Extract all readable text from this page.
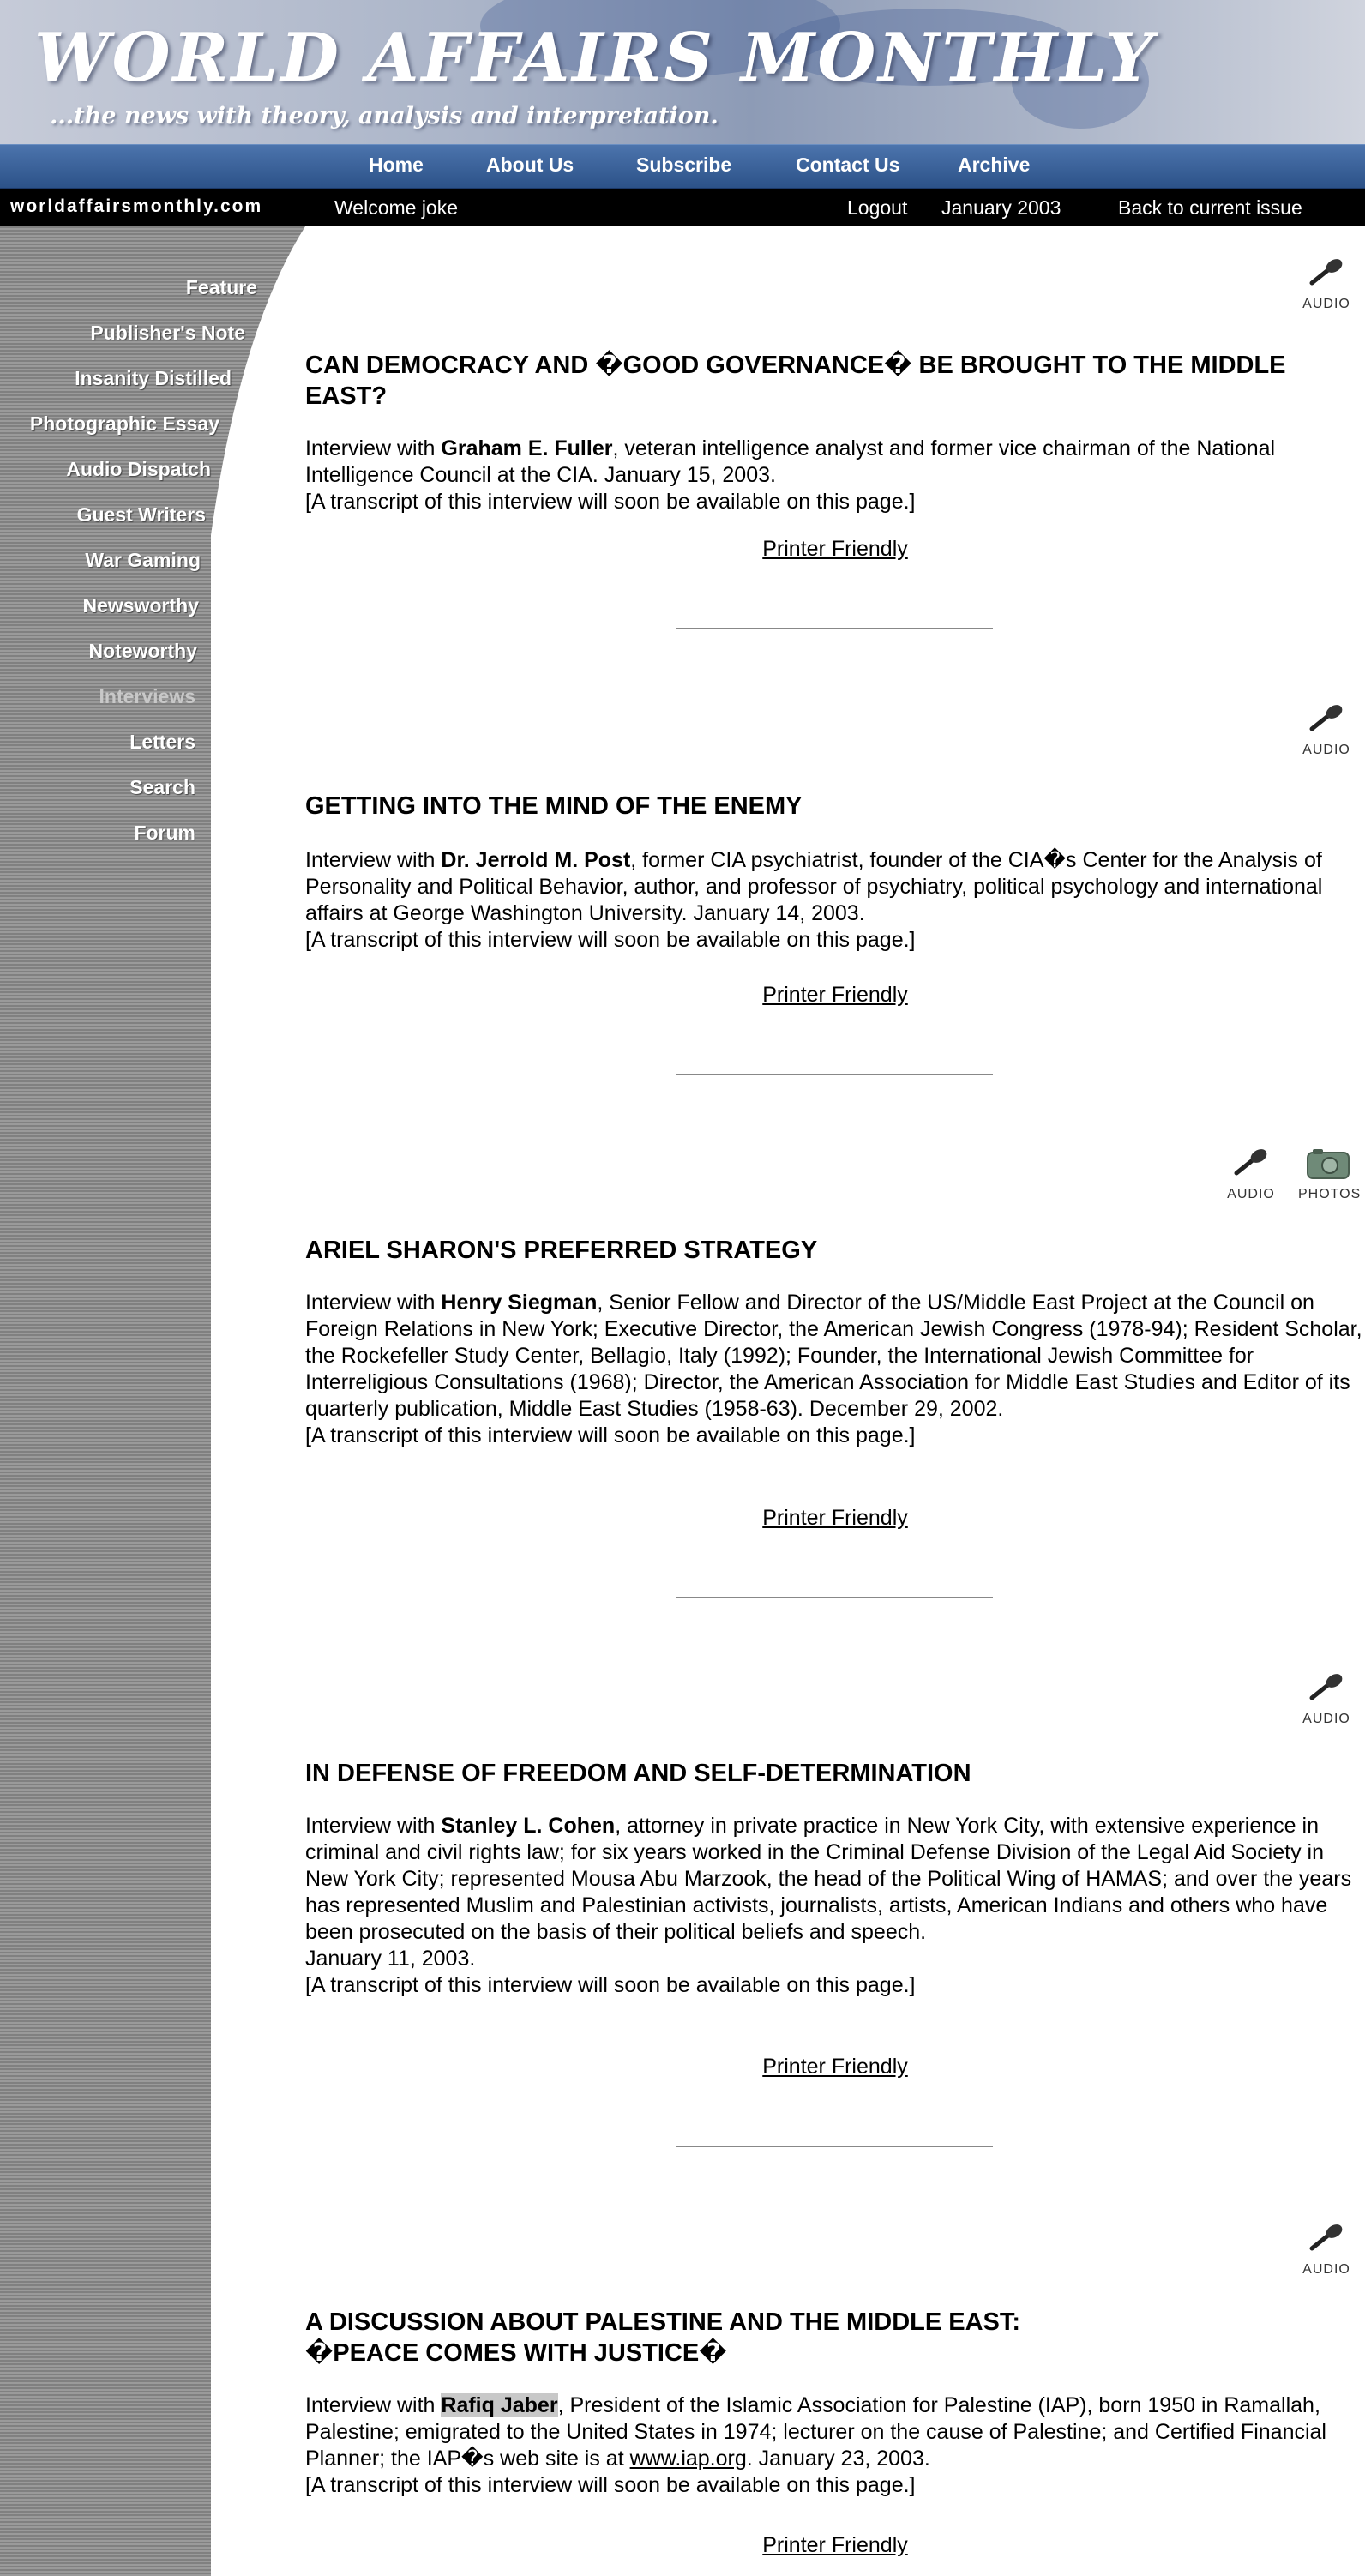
WORLD AFFAIRS MONTHLY

...the news with theory, analysis and interpretation.

Home	About Us	Subscribe	Contact Us	Archive
worldaffairsmonthly.com	Welcome joke	Logout January 2003	Back to current issue
Feature
Publisher's Note
Insanity Distilled
Photographic Essay
Audio Dispatch
Guest Writers
War Gaming
Newsworthy
Noteworthy
Interviews
Letters
Search
Forum
AUDIO
CAN DEMOCRACY AND �GOOD GOVERNANCE� BE BROUGHT TO THE MIDDLE EAST?

Interview with Graham E. Fuller, veteran intelligence analyst and former vice chairman of the National Intelligence Council at the CIA. January 15, 2003.

[A transcript of this interview will soon be available on this page.]

Printer Friendly
AUDIO
GETTING INTO THE MIND OF THE ENEMY

Interview with Dr. Jerrold M. Post, former CIA psychiatrist, founder of the CIA�s Center for the Analysis of Personality and Political Behavior, author, and professor of psychiatry, political psychology and international affairs at George Washington University. January 14, 2003.

[A transcript of this interview will soon be available on this page.]

Printer Friendly
AUDIO	PHOTOS
ARIEL SHARON'S PREFERRED STRATEGY

Interview with Henry Siegman, Senior Fellow and Director of the US/Middle East Project at the Council on Foreign Relations in New York; Executive Director, the American Jewish Congress (1978-94); Resident Scholar, the Rockefeller Study Center, Bellagio, Italy (1992); Founder, the International Jewish Committee for Interreligious Consultations (1968); Director, the American Association for Middle East Studies and Editor of its quarterly publication, Middle East Studies (1958-63). December 29, 2002.

[A transcript of this interview will soon be available on this page.]

Printer Friendly
AUDIO
IN DEFENSE OF FREEDOM AND SELF-DETERMINATION

Interview with Stanley L. Cohen, attorney in private practice in New York City, with extensive experience in criminal and civil rights law; for six years worked in the Criminal Defense Division of the Legal Aid Society in New York City; represented Mousa Abu Marzook, the head of the Political Wing of HAMAS; and over the years has represented Muslim and Palestinian activists, journalists, artists, American Indians and others who have been prosecuted on the basis of their political beliefs and speech.

January 11, 2003.

[A transcript of this interview will soon be available on this page.]

Printer Friendly
AUDIO
A DISCUSSION ABOUT PALESTINE AND THE MIDDLE EAST:
�PEACE COMES WITH JUSTICE�

Interview with Rafiq Jaber, President of the Islamic Association for Palestine (IAP), born 1950 in Ramallah, Palestine; emigrated to the United States in 1974; lecturer on the cause of Palestine; and Certified Financial Planner; the IAP�s web site is at www.iap.org. January 23, 2003.

[A transcript of this interview will soon be available on this page.]

Printer Friendly
